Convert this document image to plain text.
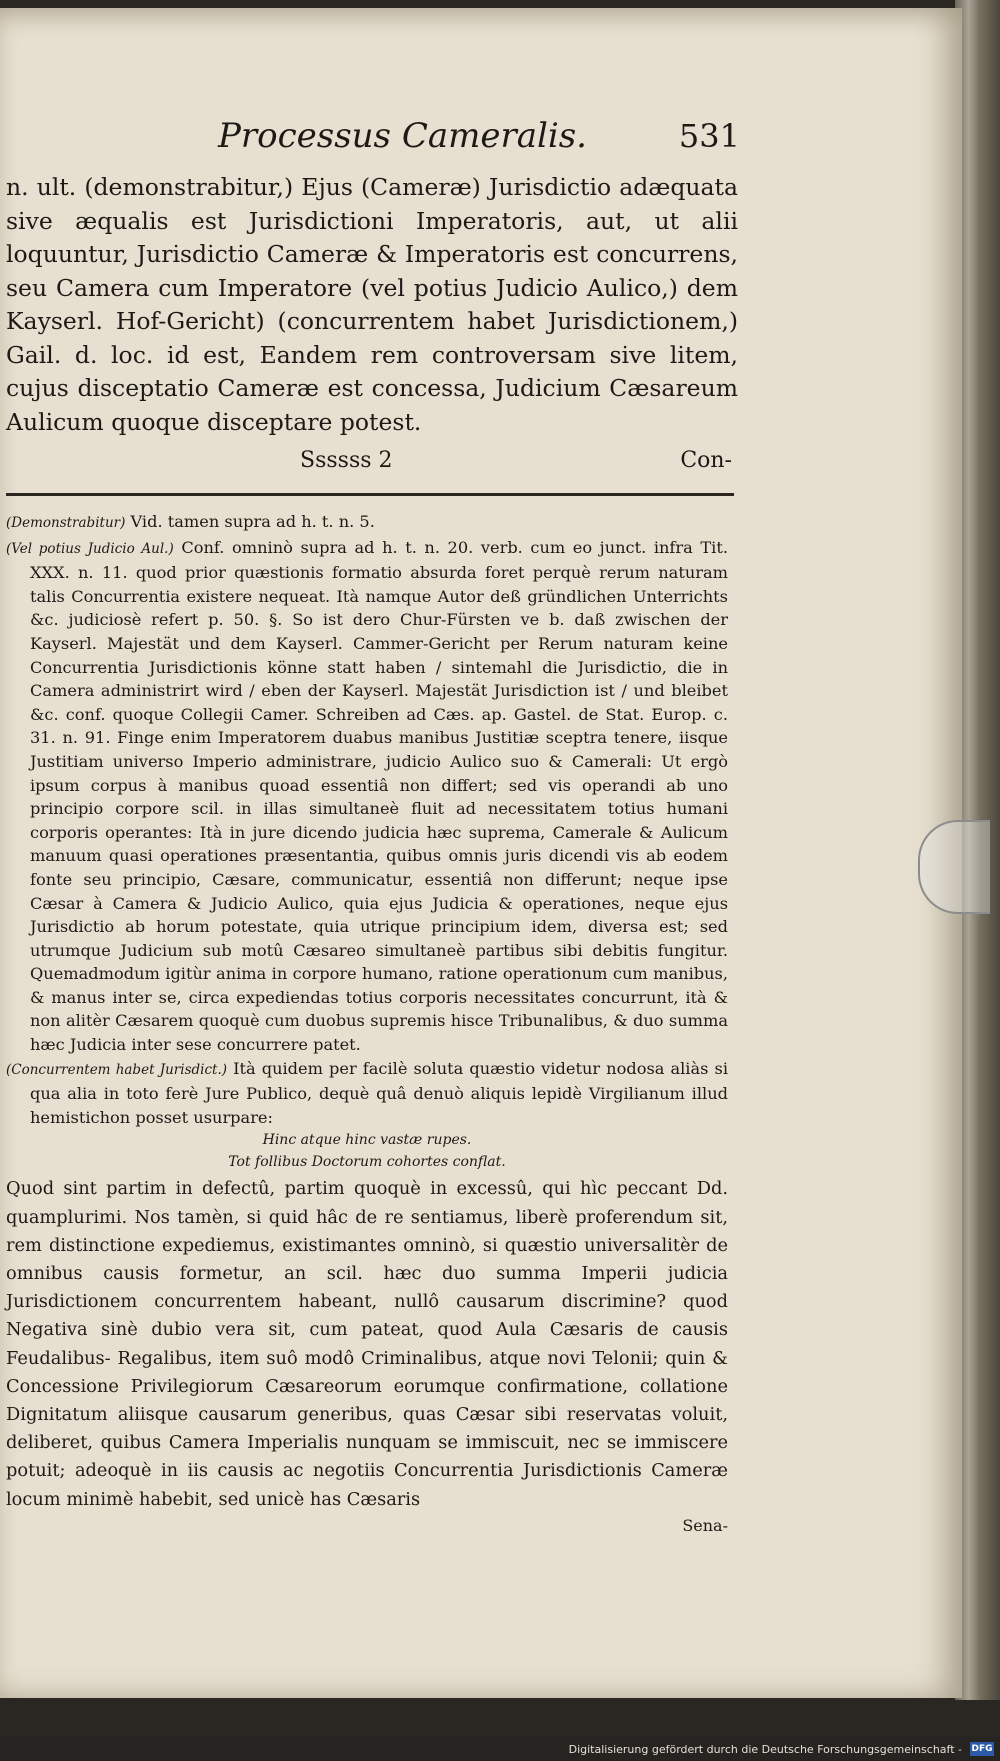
Processus Cameralis.	531

n. ult. (demonstrabitur,) Ejus (Cameræ) Jurisdictio adæquata sive æqualis est Jurisdictioni Imperatoris, aut, ut alii loquuntur, Jurisdictio Cameræ & Imperatoris est concurrens, seu Camera cum Imperatore (vel potius Judicio Aulico,) dem Kayserl. Hof-Gericht) (concurrentem habet Jurisdictionem,) Gail. d. loc. id est, Eandem rem controversam sive litem, cujus disceptatio Cameræ est concessa, Judicium Cæsareum Aulicum quoque disceptare potest.

Ssssss 2	Con-

(Demonstrabitur) Vid. tamen supra ad h. t. n. 5.

(Vel potius Judicio Aul.) Conf. omninò supra ad h. t. n. 20. verb. cum eo junct. infra Tit. XXX. n. 11. quod prior quæstionis formatio absurda foret perquè rerum naturam talis Concurrentia existere nequeat. Ità namque Autor deß gründlichen Unterrichts &c. judiciosè refert p. 50. §. So ist dero Chur-Fürsten ve b. daß zwischen der Kayserl. Majestät und dem Kayserl. Cammer-Gericht per Rerum naturam keine Concurrentia Jurisdictionis könne statt haben / sintemahl die Jurisdictio, die in Camera administrirt wird / eben der Kayserl. Majestät Jurisdiction ist / und bleibet &c. conf. quoque Collegii Camer. Schreiben ad Cæs. ap. Gastel. de Stat. Europ. c. 31. n. 91. Finge enim Imperatorem duabus manibus Justitiæ sceptra tenere, iisque Justitiam universo Imperio administrare, judicio Aulico suo & Camerali: Ut ergò ipsum corpus à manibus quoad essentiâ non differt; sed vis operandi ab uno principio corpore scil. in illas simultaneè fluit ad necessitatem totius humani corporis operantes: Ità in jure dicendo judicia hæc suprema, Camerale & Aulicum manuum quasi operationes præsentantia, quibus omnis juris dicendi vis ab eodem fonte seu principio, Cæsare, communicatur, essentiâ non differunt; neque ipse Cæsar à Camera & Judicio Aulico, quia ejus Judicia & operationes, neque ejus Jurisdictio ab horum potestate, quia utrique principium idem, diversa est; sed utrumque Judicium sub motû Cæsareo simultaneè partibus sibi debitis fungitur. Quemadmodum igitùr anima in corpore humano, ratione operationum cum manibus, & manus inter se, circa expediendas totius corporis necessitates concurrunt, ità & non alitèr Cæsarem quoquè cum duobus supremis hisce Tribunalibus, & duo summa hæc Judicia inter sese concurrere patet.

(Concurrentem habet Jurisdict.) Ità quidem per facilè soluta quæstio videtur nodosa aliàs si qua alia in toto ferè Jure Publico, dequè quâ denuò aliquis lepidè Virgilianum illud hemistichon posset usurpare:

Hinc atque hinc vastæ rupes.

Tot follibus Doctorum cohortes conflat.

Quod sint partim in defectû, partim quoquè in excessû, qui hìc peccant Dd. quamplurimi. Nos tamèn, si quid hâc de re sentiamus, liberè proferendum sit, rem distinctione expediemus, existimantes omninò, si quæstio universalitèr de omnibus causis formetur, an scil. hæc duo summa Imperii judicia Jurisdictionem concurrentem habeant, nullô causarum discrimine? quod Negativa sinè dubio vera sit, cum pateat, quod Aula Cæsaris de causis Feudalibus- Regalibus, item suô modô Criminalibus, atque novi Telonii; quin & Concessione Privilegiorum Cæsareorum eorumque confirmatione, collatione Dignitatum aliisque causarum generibus, quas Cæsar sibi reservatas voluit, deliberet, quibus Camera Imperialis nunquam se immiscuit, nec se immiscere potuit; adeoquè in iis causis ac negotiis Concurrentia Jurisdictionis Cameræ locum minimè habebit, sed unicè has Cæsaris

Sena-

Digitalisierung gefördert durch die Deutsche Forschungsgemeinschaft - DFG
